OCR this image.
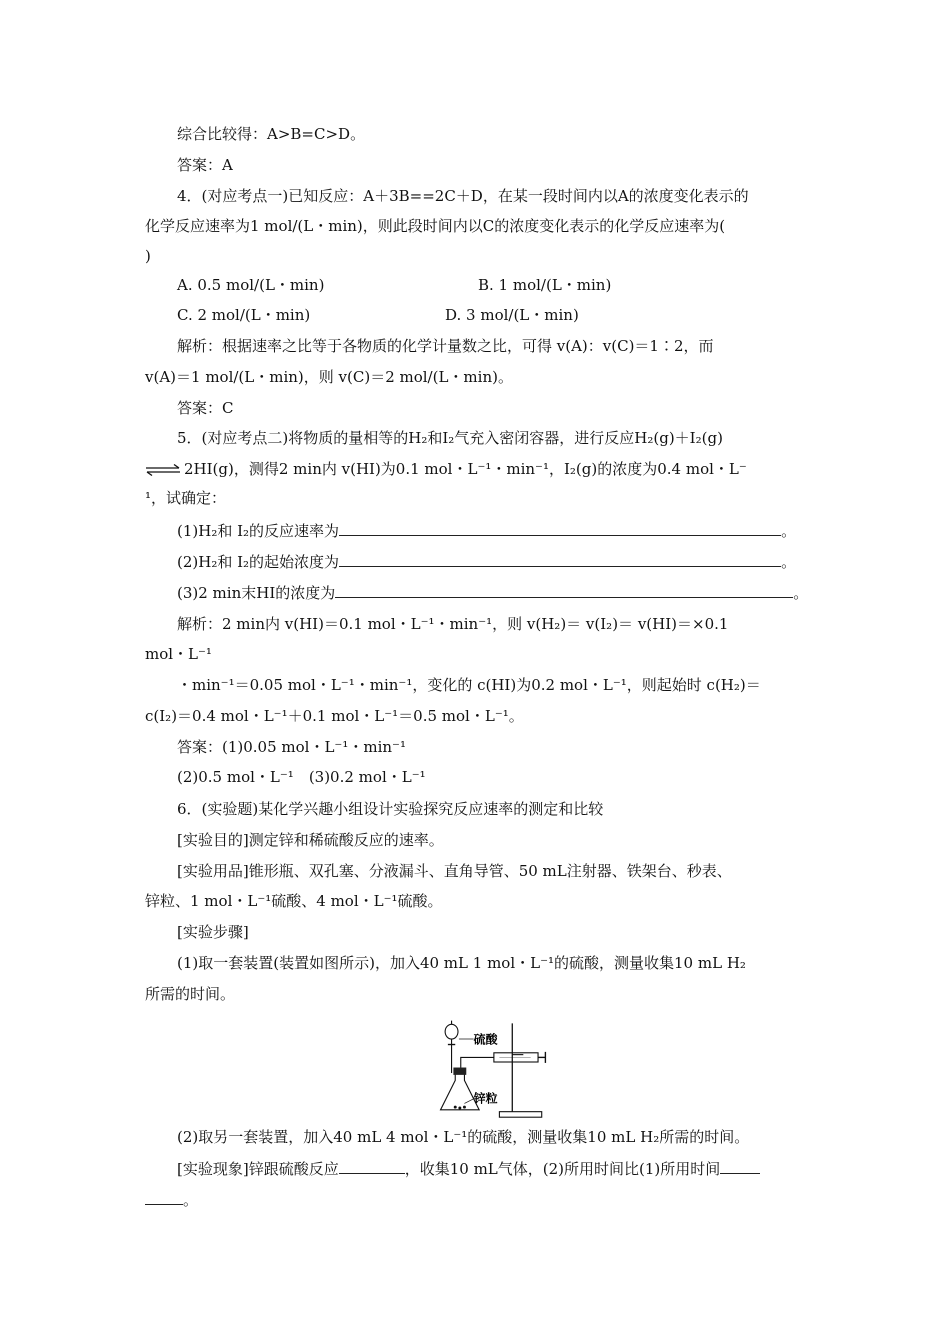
综合比较得：A>B=C>D。
答案：A
4．(对应考点一)已知反应：A＋3B==2C＋D，在某一段时间内以A的浓度变化表示的
化学反应速率为1 mol/(L・min)，则此段时间内以C的浓度变化表示的化学反应速率为(
)
A. 0.5 mol/(L・min)	B. 1 mol/(L・min)
C. 2 mol/(L・min)	D. 3 mol/(L・min)
解析：根据速率之比等于各物质的化学计量数之比，可得 v(A)：v(C)＝1∶2，而
v(A)＝1 mol/(L・min)，则 v(C)＝2 mol/(L・min)。
答案：C
5．(对应考点二)将物质的量相等的H₂和I₂气充入密闭容器，进行反应H₂(g)＋I₂(g)
⇌ 2HI(g)，测得2 min内 v(HI)为0.1 mol・L⁻¹・min⁻¹，I₂(g)的浓度为0.4 mol・L⁻
¹，试确定：
(1)H₂和 I₂的反应速率为	。
(2)H₂和 I₂的起始浓度为	。
(3)2 min末HI的浓度为	。
解析：2 min内 v(HI)＝0.1 mol・L⁻¹・min⁻¹，则 v(H₂)＝ v(I₂)＝ v(HI)＝×0.1
mol・L⁻¹
・min⁻¹＝0.05 mol・L⁻¹・min⁻¹，变化的 c(HI)为0.2 mol・L⁻¹，则起始时 c(H₂)＝
c(I₂)＝0.4 mol・L⁻¹＋0.1 mol・L⁻¹＝0.5 mol・L⁻¹。
答案：(1)0.05 mol・L⁻¹・min⁻¹
(2)0.5 mol・L⁻¹　(3)0.2 mol・L⁻¹
6．(实验题)某化学兴趣小组设计实验探究反应速率的测定和比较
[实验目的]测定锌和稀硫酸反应的速率。
[实验用品]锥形瓶、双孔塞、分液漏斗、直角导管、50 mL注射器、铁架台、秒表、
锌粒、1 mol・L⁻¹硫酸、4 mol・L⁻¹硫酸。
[实验步骤]
(1)取一套装置(装置如图所示)，加入40 mL 1 mol・L⁻¹的硫酸，测量收集10 mL H₂
所需的时间。
硫酸
锌粒
(2)取另一套装置，加入40 mL 4 mol・L⁻¹的硫酸，测量收集10 mL H₂所需的时间。
[实验现象]锌跟硫酸反应	，收集10 mL气体，(2)所用时间比(1)所用时间
。
